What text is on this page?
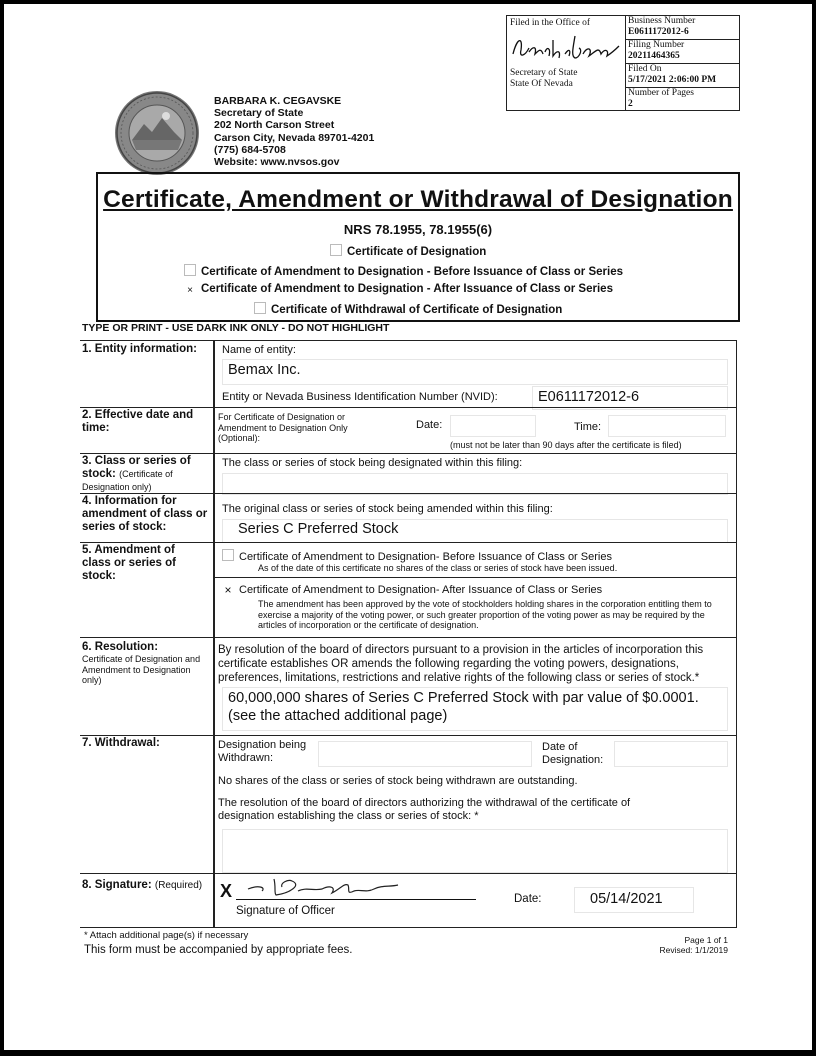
Filed in the Office of
Secretary of State
State Of Nevada
Business Number
E0611172012-6
Filing Number
20211464365
Filed On
5/17/2021 2:06:00 PM
Number of Pages
2
BARBARA K. CEGAVSKE
Secretary of State
202 North Carson Street
Carson City, Nevada 89701-4201
(775) 684-5708
Website: www.nvsos.gov
Certificate, Amendment or Withdrawal of Designation
NRS 78.1955, 78.1955(6)
Certificate of Designation
Certificate of Amendment to Designation - Before Issuance of Class or Series
× Certificate of Amendment to Designation - After Issuance of Class or Series
Certificate of Withdrawal of Certificate of Designation
TYPE OR PRINT - USE DARK INK ONLY - DO NOT HIGHLIGHT
1. Entity information: Name of entity:
Bemax Inc.
Entity or Nevada Business Identification Number (NVID):	E0611172012-6
2. Effective date and time:
For Certificate of Designation or Amendment to Designation Only (Optional):
Date:	Time:
(must not be later than 90 days after the certificate is filed)
3. Class or series of stock: (Certificate of Designation only)
The class or series of stock being designated within this filing:
4. Information for amendment of class or series of stock:
The original class or series of stock being amended within this filing:
Series C Preferred Stock
5. Amendment of class or series of stock:
Certificate of Amendment to Designation- Before Issuance of Class or Series
As of the date of this certificate no shares of the class or series of stock have been issued.
× Certificate of Amendment to Designation- After Issuance of Class or Series
The amendment has been approved by the vote of stockholders holding shares in the corporation entitling them to exercise a majority of the voting power, or such greater proportion of the voting power as may be required by the articles of incorporation or the certificate of designation.
6. Resolution:
Certificate of Designation and Amendment to Designation only)
By resolution of the board of directors pursuant to a provision in the articles of incorporation this certificate establishes OR amends the following regarding the voting powers, designations, preferences, limitations, restrictions and relative rights of the following class or series of stock.*
60,000,000 shares of Series C Preferred Stock with par value of $0.0001.
(see the attached additional page)
7. Withdrawal:	Designation being Withdrawn:
Date of Designation:
No shares of the class or series of stock being withdrawn are outstanding.
The resolution of the board of directors authorizing the withdrawal of the certificate of designation establishing the class or series of stock: *
8. Signature: (Required) X
Signature of Officer
Date:	05/14/2021
* Attach additional page(s) if necessary
This form must be accompanied by appropriate fees.
Page 1 of 1
Revised: 1/1/2019
